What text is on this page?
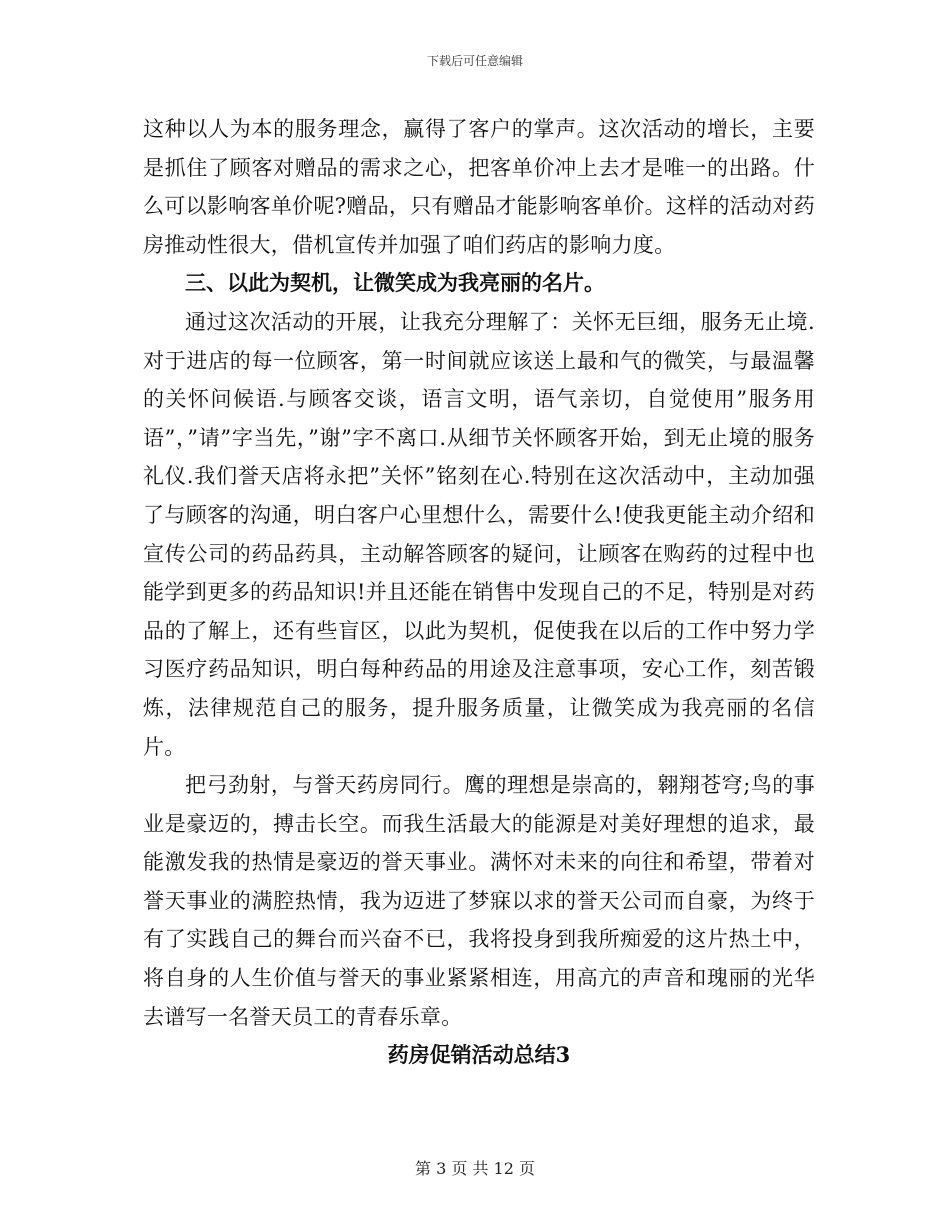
下载后可任意编辑

这种以人为本的服务理念，赢得了客户的掌声。这次活动的增长，主要是抓住了顾客对赠品的需求之心，把客单价冲上去才是唯一的出路。什么可以影响客单价呢?赠品，只有赠品才能影响客单价。这样的活动对药房推动性很大，借机宣传并加强了咱们药店的影响力度。

三、以此为契机，让微笑成为我亮丽的名片。

通过这次活动的开展，让我充分理解了：关怀无巨细，服务无止境.对于进店的每一位顾客，第一时间就应该送上最和气的微笑，与最温馨的关怀问候语.与顾客交谈，语言文明，语气亲切，自觉使用”服务用语”，”请”字当先，”谢”字不离口.从细节关怀顾客开始，到无止境的服务礼仪.我们誉天店将永把”关怀”铭刻在心.特别在这次活动中，主动加强了与顾客的沟通，明白客户心里想什么，需要什么!使我更能主动介绍和宣传公司的药品药具，主动解答顾客的疑问，让顾客在购药的过程中也能学到更多的药品知识!并且还能在销售中发现自己的不足，特别是对药品的了解上，还有些盲区，以此为契机，促使我在以后的工作中努力学习医疗药品知识，明白每种药品的用途及注意事项，安心工作，刻苦锻炼，法律规范自己的服务，提升服务质量，让微笑成为我亮丽的名信片。

把弓劲射，与誉天药房同行。鹰的理想是崇高的，翱翔苍穹;鸟的事业是豪迈的，搏击长空。而我生活最大的能源是对美好理想的追求，最能激发我的热情是豪迈的誉天事业。满怀对未来的向往和希望，带着对誉天事业的满腔热情，我为迈进了梦寐以求的誉天公司而自豪，为终于有了实践自己的舞台而兴奋不已，我将投身到我所痴爱的这片热土中，将自身的人生价值与誉天的事业紧紧相连，用高亢的声音和瑰丽的光华去谱写一名誉天员工的青春乐章。

药房促销活动总结3

第 3 页 共 12 页
